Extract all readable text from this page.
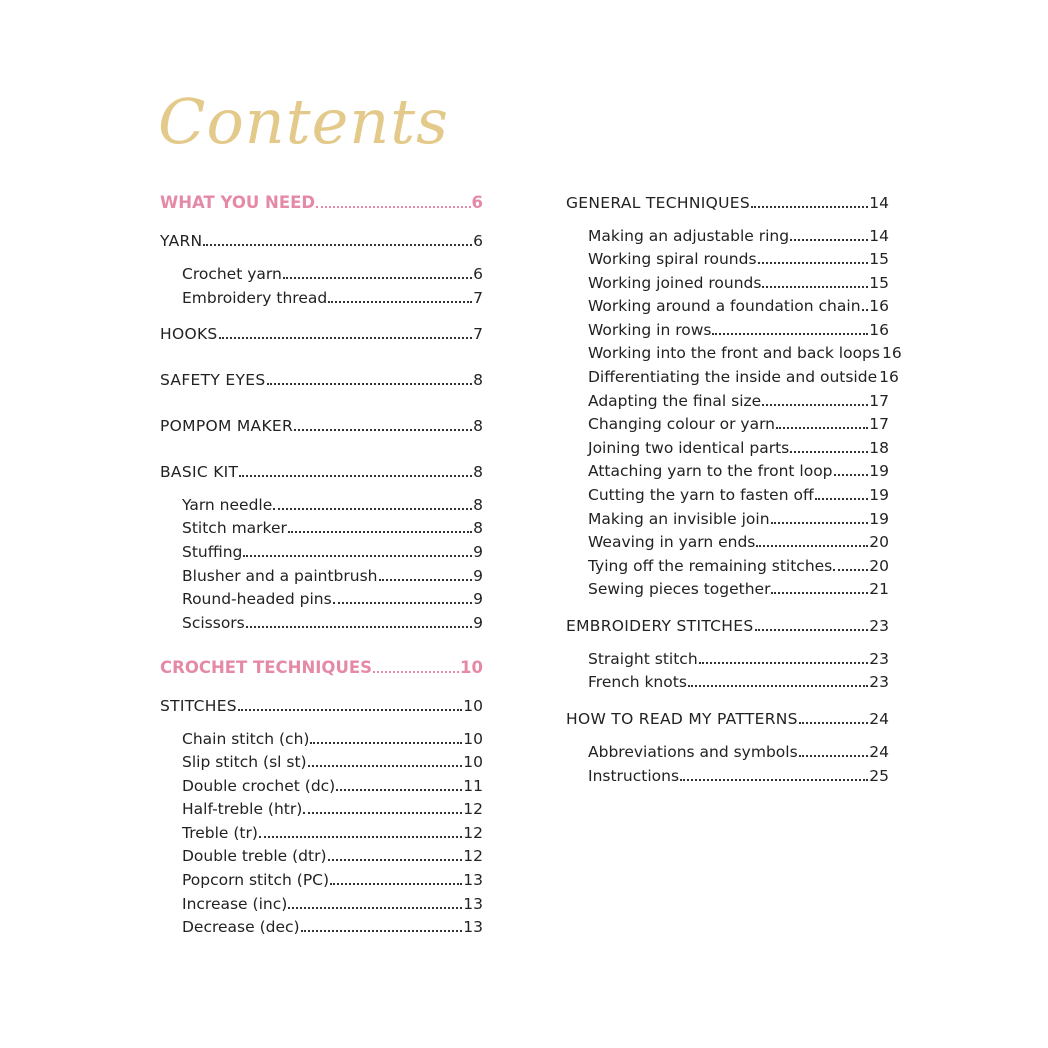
Contents
WHAT YOU NEED	6
YARN	6
Crochet yarn	6
Embroidery thread	7
HOOKS	7
SAFETY EYES	8
POMPOM MAKER	8
BASIC KIT	8
Yarn needle	8
Stitch marker	8
Stuffing	9
Blusher and a paintbrush	9
Round-headed pins	9
Scissors	9
CROCHET TECHNIQUES	10
STITCHES	10
Chain stitch (ch)	10
Slip stitch (sl st)	10
Double crochet (dc)	11
Half-treble (htr)	12
Treble (tr)	12
Double treble (dtr)	12
Popcorn stitch (PC)	13
Increase (inc)	13
Decrease (dec)	13
GENERAL TECHNIQUES	14
Making an adjustable ring	14
Working spiral rounds	15
Working joined rounds	15
Working around a foundation chain 16
Working in rows	16
Working into the front and back loops 16
Differentiating the inside and outside 16
Adapting the final size	17
Changing colour or yarn	17
Joining two identical parts	18
Attaching yarn to the front loop 19
Cutting the yarn to fasten off	19
Making an invisible join	19
Weaving in yarn ends	20
Tying off the remaining stitches 20
Sewing pieces together	21
EMBROIDERY STITCHES	23
Straight stitch	23
French knots	23
HOW TO READ MY PATTERNS	24
Abbreviations and symbols	24
Instructions	25
